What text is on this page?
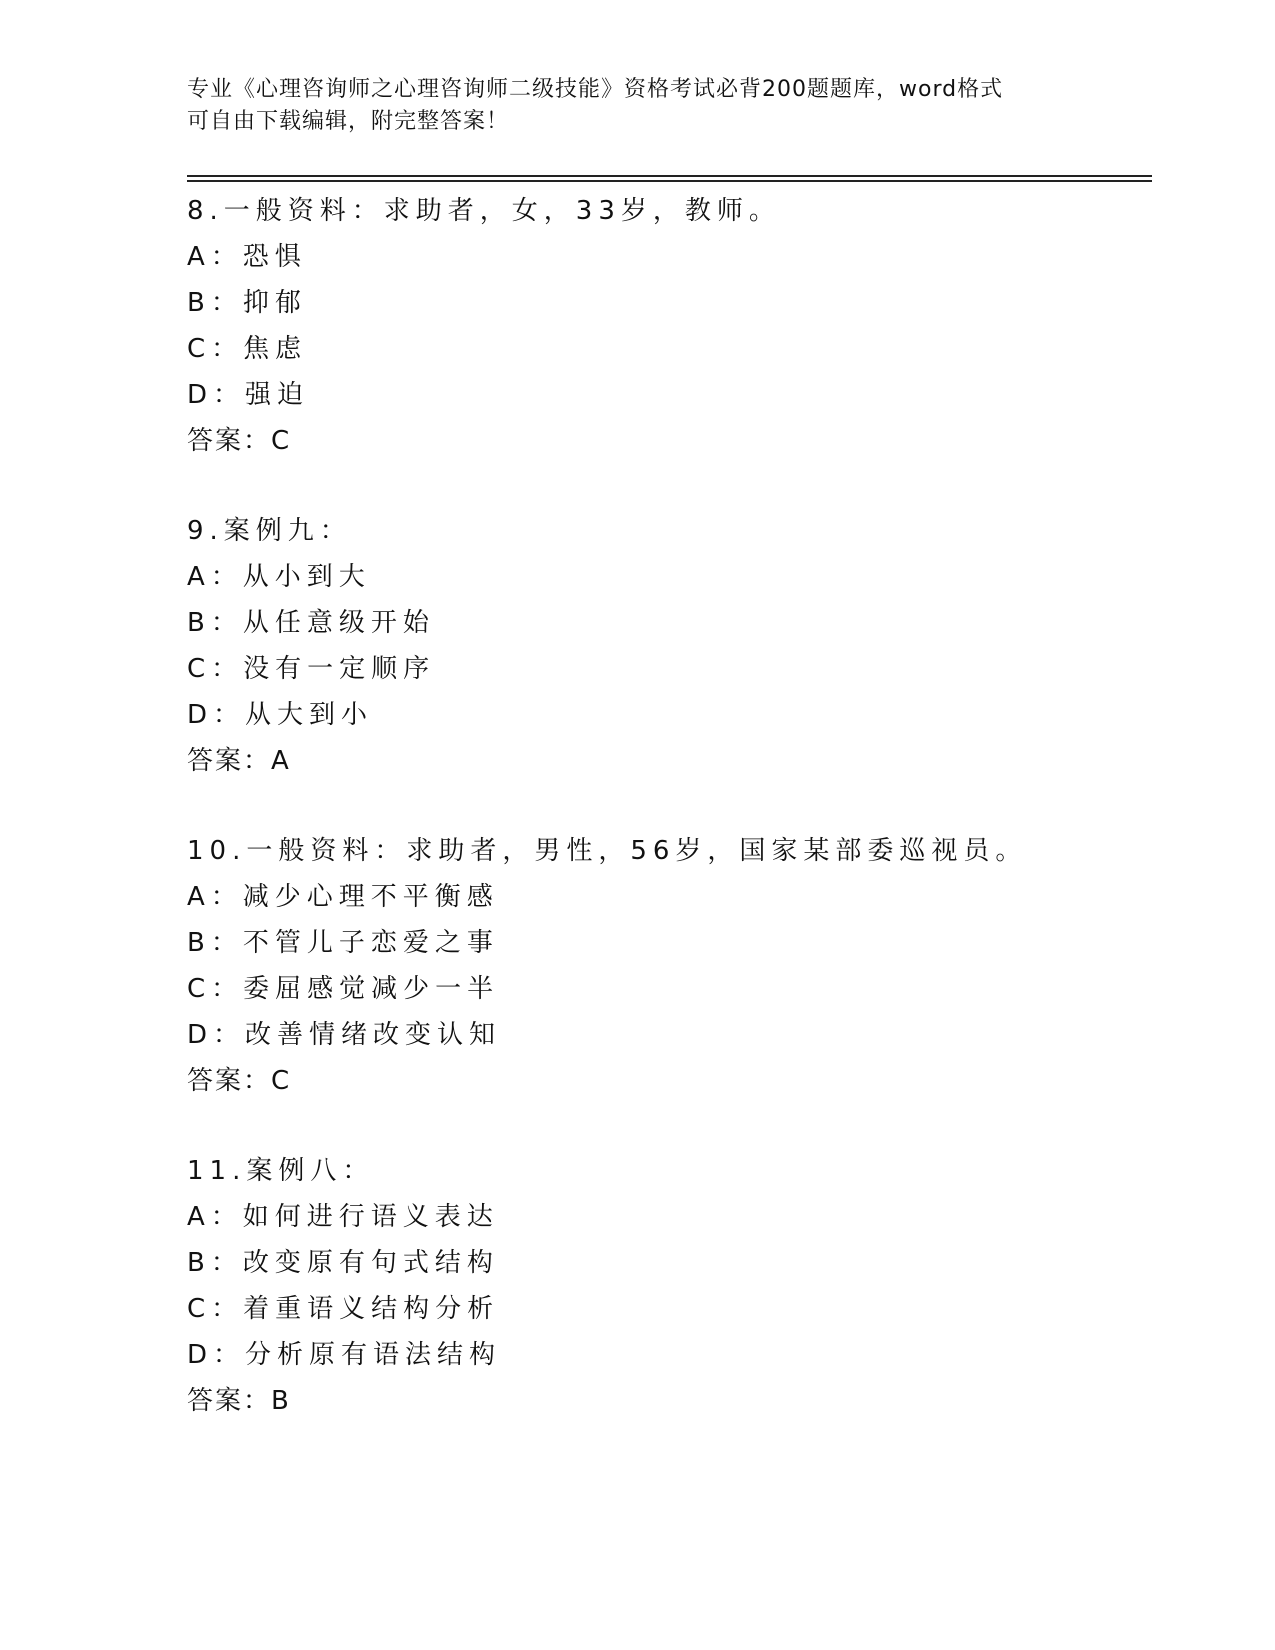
专业《心理咨询师之心理咨询师二级技能》资格考试必背200题题库，word格式
可自由下载编辑，附完整答案！
8.一般资料：求助者，女，33岁，教师。
A：恐惧
B：抑郁
C：焦虑
D：强迫
答案：C
9.案例九：
A：从小到大
B：从任意级开始
C：没有一定顺序
D：从大到小
答案：A
10.一般资料：求助者，男性，56岁，国家某部委巡视员。
A：减少心理不平衡感
B：不管儿子恋爱之事
C：委屈感觉减少一半
D：改善情绪改变认知
答案：C
11.案例八：
A：如何进行语义表达
B：改变原有句式结构
C：着重语义结构分析
D：分析原有语法结构
答案：B
